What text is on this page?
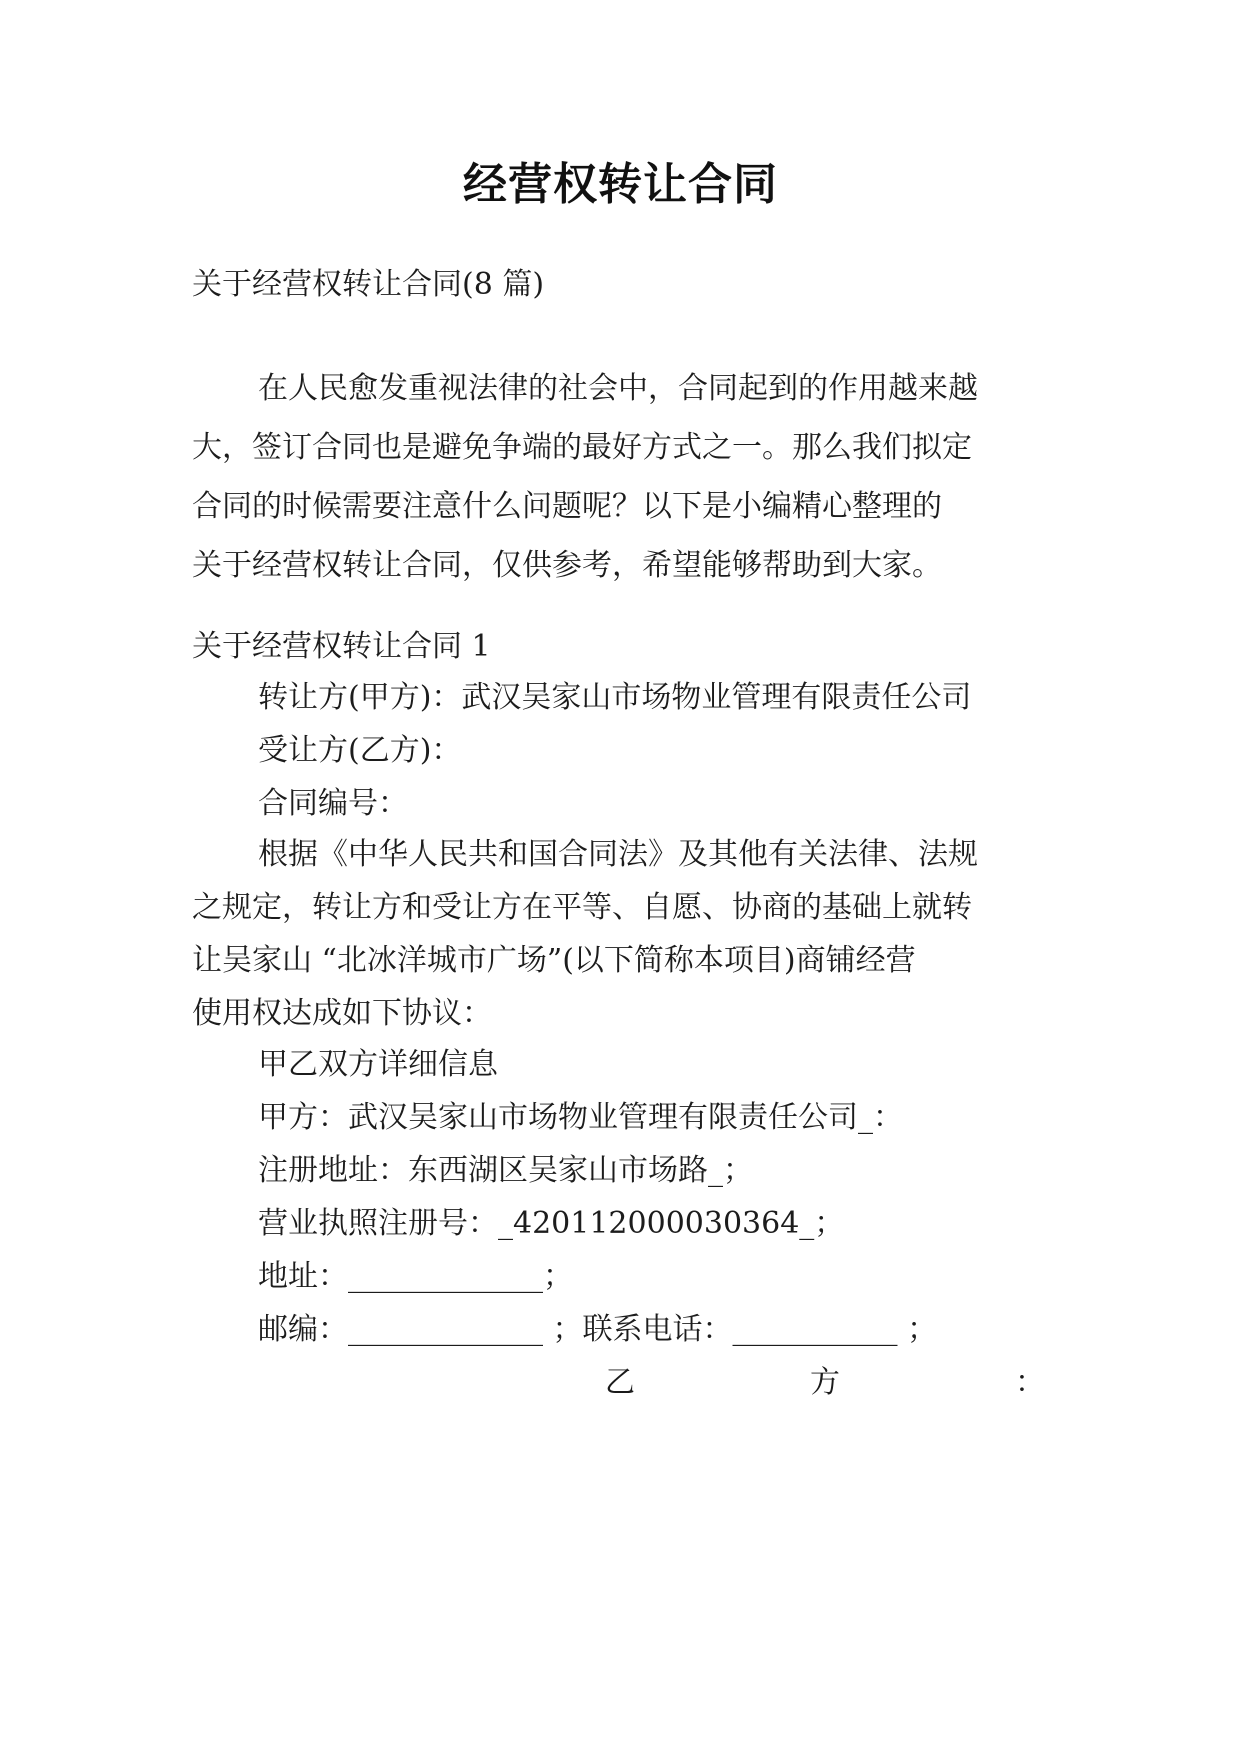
经营权转让合同
关于经营权转让合同(8 篇)
在人民愈发重视法律的社会中，合同起到的作用越来越
大，签订合同也是避免争端的最好方式之一。那么我们拟定
合同的时候需要注意什么问题呢？以下是小编精心整理的
关于经营权转让合同，仅供参考，希望能够帮助到大家。
关于经营权转让合同 1
转让方(甲方)：武汉吴家山市场物业管理有限责任公司
受让方(乙方)：
合同编号：
根据《中华人民共和国合同法》及其他有关法律、法规
之规定，转让方和受让方在平等、自愿、协商的基础上就转
让吴家山 “北冰洋城市广场”(以下简称本项目)商铺经营
使用权达成如下协议：
甲乙双方详细信息
甲方：武汉吴家山市场物业管理有限责任公司_：
注册地址：东西湖区吴家山市场路_；
营业执照注册号：_420112000030364_；
地址：_____________；
邮编：_____________ ；联系电话：___________ ；
乙	方	：
